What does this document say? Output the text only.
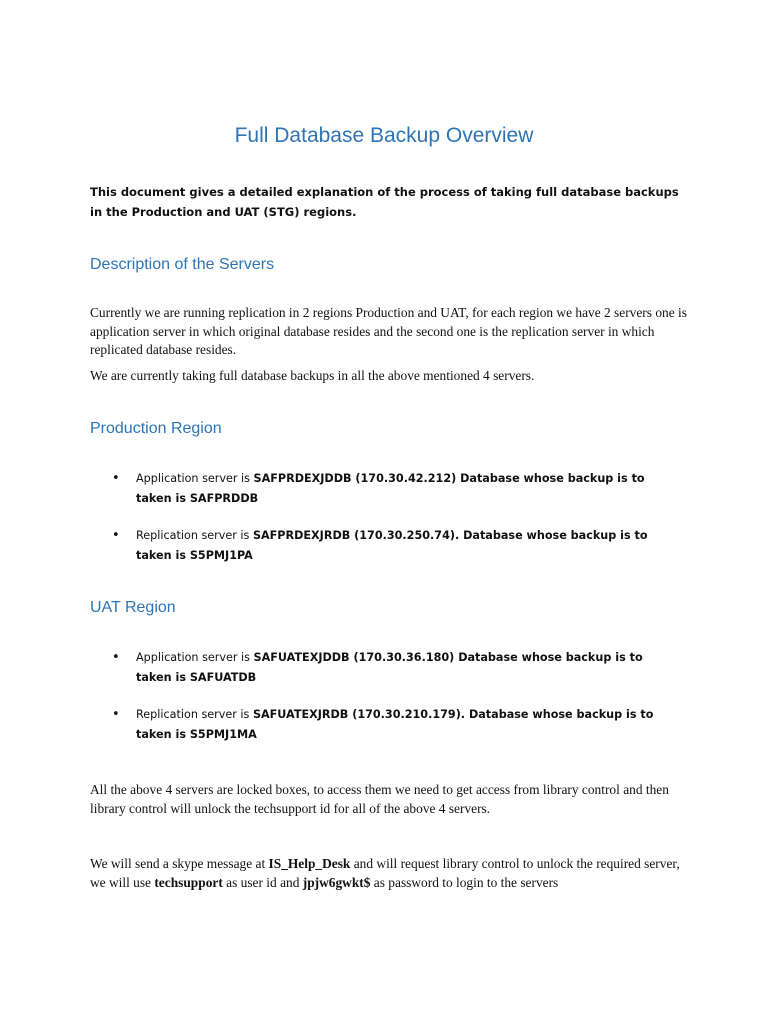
Full Database Backup Overview

This document gives a detailed explanation of the process of taking full database backups in the Production and UAT (STG) regions.

Description of the Servers

Currently we are running replication in 2 regions Production and UAT, for each region we have 2 servers one is application server in which original database resides and the second one is the replication server in which replicated database resides.

We are currently taking full database backups in all the above mentioned 4 servers.

Production Region
• Application server is SAFPRDEXJDDB (170.30.42.212) Database whose backup is to taken is SAFPRDDB
• Replication server is SAFPRDEXJRDB (170.30.250.74). Database whose backup is to taken is S5PMJ1PA
UAT Region
• Application server is SAFUATEXJDDB (170.30.36.180) Database whose backup is to taken is SAFUATDB
• Replication server is SAFUATEXJRDB (170.30.210.179). Database whose backup is to taken is S5PMJ1MA

All the above 4 servers are locked boxes, to access them we need to get access from library control and then library control will unlock the techsupport id for all of the above 4 servers.

We will send a skype message at IS_Help_Desk and will request library control to unlock the required server, we will use techsupport as user id and jpjw6gwkt$ as password to login to the servers
